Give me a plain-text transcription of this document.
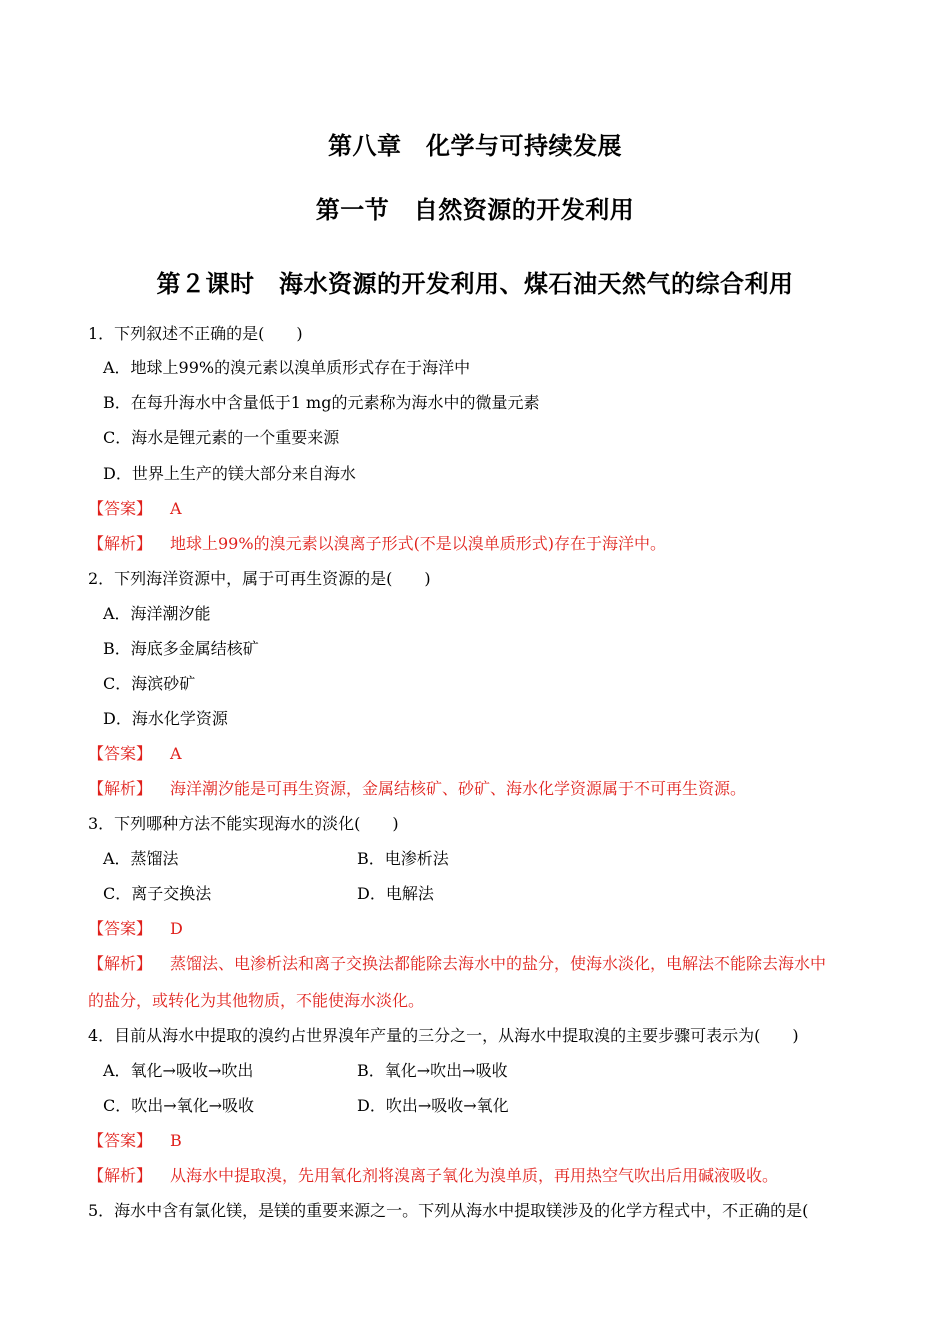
第八章　化学与可持续发展
第一节　自然资源的开发利用
第２课时　海水资源的开发利用、煤石油天然气的综合利用
1．下列叙述不正确的是(　　)
A．地球上99%的溴元素以溴单质形式存在于海洋中
B．在每升海水中含量低于1 mg的元素称为海水中的微量元素
C．海水是锂元素的一个重要来源
D．世界上生产的镁大部分来自海水
【答案】 A
【解析】 地球上99%的溴元素以溴离子形式(不是以溴单质形式)存在于海洋中。
2．下列海洋资源中，属于可再生资源的是(　　)
A．海洋潮汐能
B．海底多金属结核矿
C．海滨砂矿
D．海水化学资源
【答案】 A
【解析】 海洋潮汐能是可再生资源，金属结核矿、砂矿、海水化学资源属于不可再生资源。
3．下列哪种方法不能实现海水的淡化(　　)
A．蒸馏法	B．电渗析法
C．离子交换法	D．电解法
【答案】 D
【解析】 蒸馏法、电渗析法和离子交换法都能除去海水中的盐分，使海水淡化，电解法不能除去海水中
的盐分，或转化为其他物质，不能使海水淡化。
4．目前从海水中提取的溴约占世界溴年产量的三分之一，从海水中提取溴的主要步骤可表示为(　　)
A．氧化→吸收→吹出	B．氧化→吹出→吸收
C．吹出→氧化→吸收	D．吹出→吸收→氧化
【答案】 B
【解析】 从海水中提取溴，先用氧化剂将溴离子氧化为溴单质，再用热空气吹出后用碱液吸收。
5．海水中含有氯化镁，是镁的重要来源之一。下列从海水中提取镁涉及的化学方程式中，不正确的是(
